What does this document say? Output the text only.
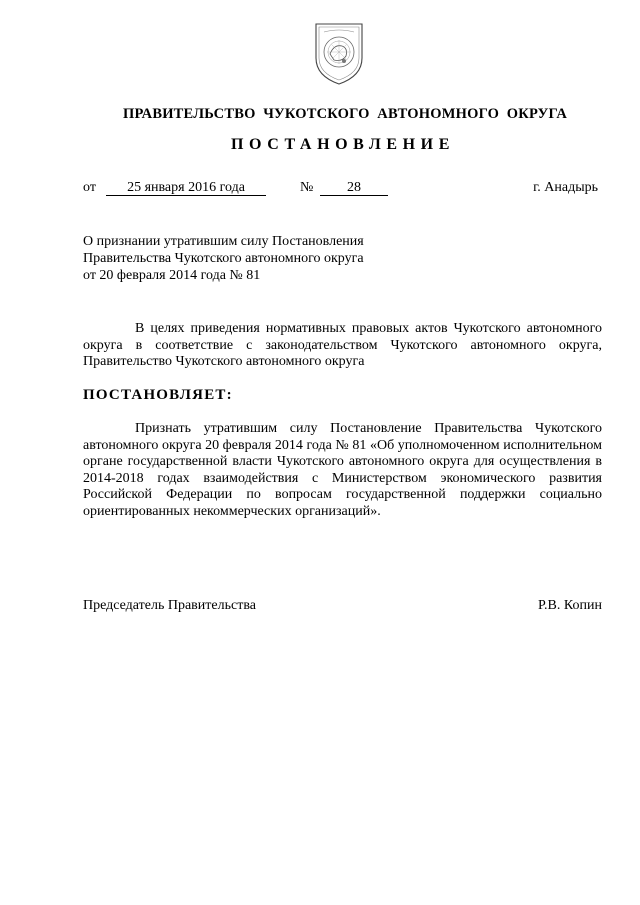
ПРАВИТЕЛЬСТВО  ЧУКОТСКОГО  АВТОНОМНОГО  ОКРУГА
ПОСТАНОВЛЕНИЕ
от	25 января 2016 года	№	28	г. Анадырь
О признании утратившим силу Постановления
Правительства Чукотского автономного округа
от 20 февраля 2014 года № 81
В целях приведения нормативных правовых актов Чукотского автономного округа в соответствие с законодательством Чукотского автономного округа, Правительство Чукотского автономного округа
ПОСТАНОВЛЯЕТ:
Признать утратившим силу Постановление Правительства Чукотского автономного округа 20 февраля 2014 года № 81 «Об уполномоченном исполнительном органе государственной власти Чукотского автономного округа для осуществления в 2014-2018 годах взаимодействия с Министерством экономического развития Российской Федерации по вопросам государственной поддержки социально ориентированных некоммерческих организаций».
Председатель Правительства	Р.В. Копин
